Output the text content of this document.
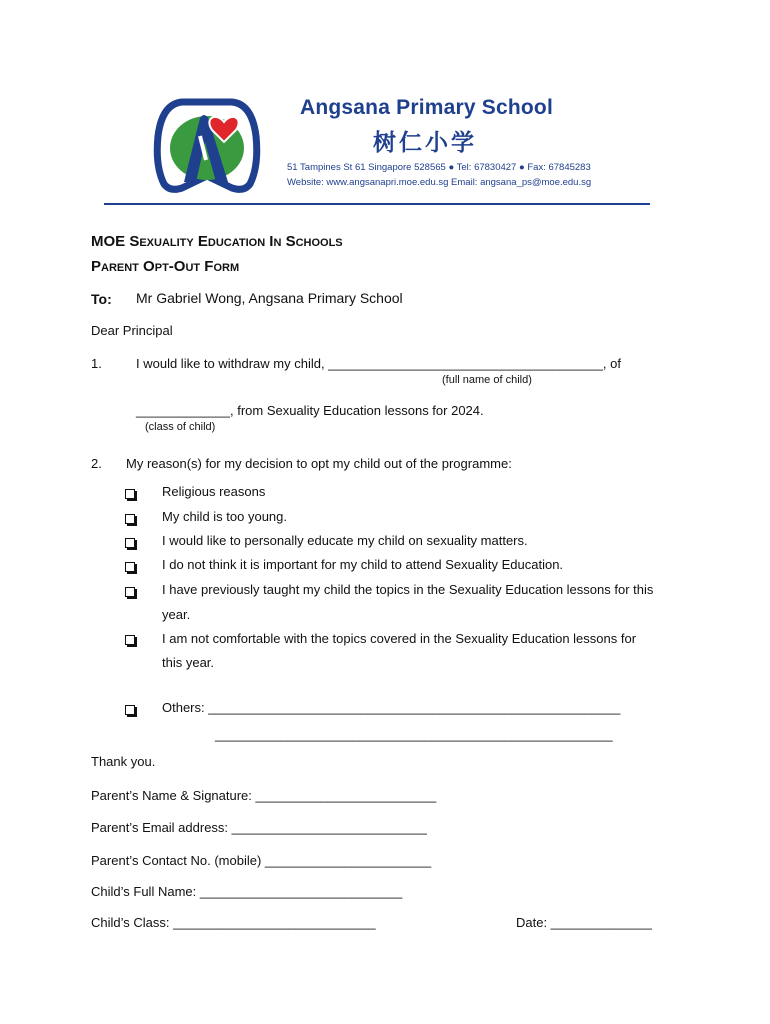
Angsana Primary School
树仁小学
51 Tampines St 61 Singapore 528565 ● Tel: 67830427 ● Fax: 67845283
Website: www.angsanapri.moe.edu.sg Email: angsana_ps@moe.edu.sg
MOE Sexuality Education In Schools
Parent Opt-Out Form
To: Mr Gabriel Wong, Angsana Primary School
Dear Principal
1.	I would like to withdraw my child, ______________________________________, of
(full name of child)
_____________, from Sexuality Education lessons for 2024.
(class of child)
2. My reason(s) for my decision to opt my child out of the programme:
Religious reasons
My child is too young.
I would like to personally educate my child on sexuality matters.
I do not think it is important for my child to attend Sexuality Education.
I have previously taught my child the topics in the Sexuality Education lessons for this
year.
I am not comfortable with the topics covered in the Sexuality Education lessons for
this year.
Others: _________________________________________________________
_______________________________________________________
Thank you.
Parent’s Name & Signature: _________________________
Parent’s Email address: ___________________________
Parent’s Contact No. (mobile) _______________________
Child’s Full Name: ____________________________
Child’s Class: ____________________________	Date: ______________
